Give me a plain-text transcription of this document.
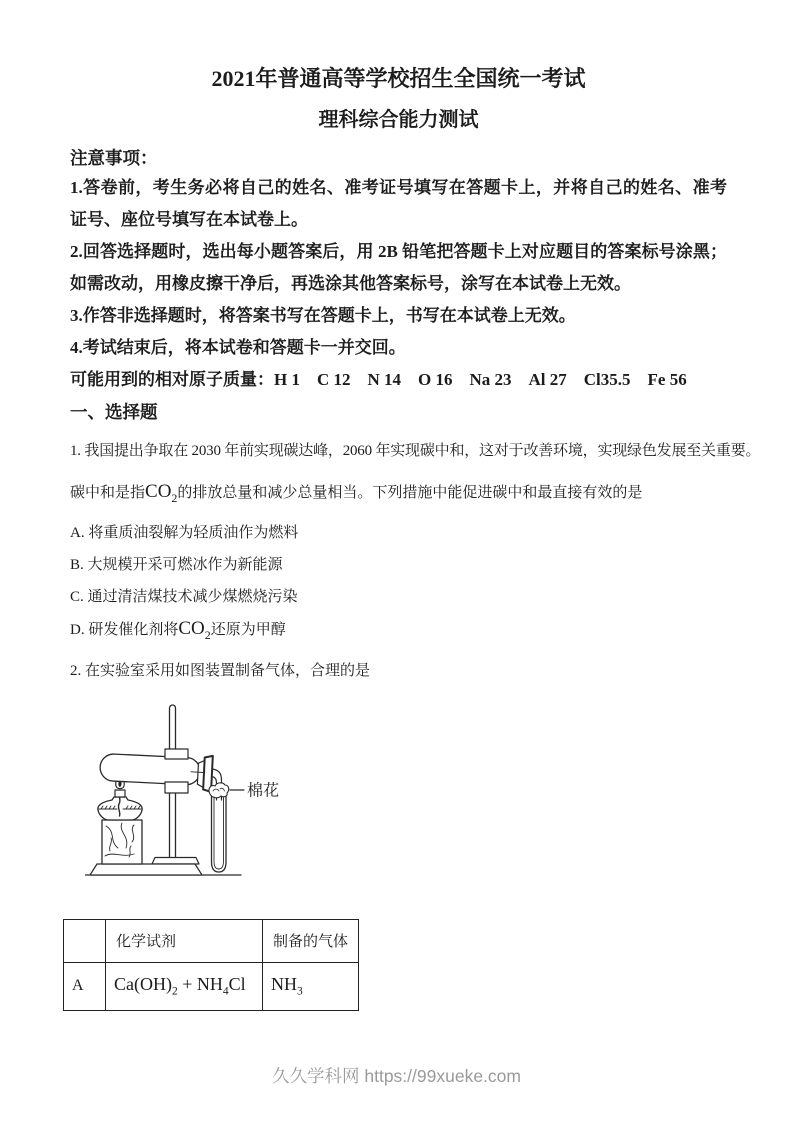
2021年普通高等学校招生全国统一考试
理科综合能力测试

注意事项：

1.答卷前，考生务必将自己的姓名、准考证号填写在答题卡上，并将自己的姓名、准考证号、座位号填写在本试卷上。

2.回答选择题时，选出每小题答案后，用 2B 铅笔把答题卡上对应题目的答案标号涂黑；如需改动，用橡皮擦干净后，再选涂其他答案标号，涂写在本试卷上无效。

3.作答非选择题时，将答案书写在答题卡上，书写在本试卷上无效。

4.考试结束后，将本试卷和答题卡一并交回。

可能用到的相对原子质量：H 1　C 12　N 14　O 16　Na 23　Al 27　Cl35.5　Fe 56

一、选择题

1. 我国提出争取在 2030 年前实现碳达峰，2060 年实现碳中和，这对于改善环境，实现绿色发展至关重要。

碳中和是指$CO_2$的排放总量和减少总量相当。下列措施中能促进碳中和最直接有效的是

A. 将重质油裂解为轻质油作为燃料

B. 大规模开采可燃冰作为新能源

C. 通过清洁煤技术减少煤燃烧污染

D. 研发催化剂将$CO_2$还原为甲醇

2. 在实验室采用如图装置制备气体，合理的是

棉花
	化学试剂	制备的气体
A	$Ca(OH)_2 + NH_4Cl$	$NH_3$
久久学科网 https://99xueke.com
